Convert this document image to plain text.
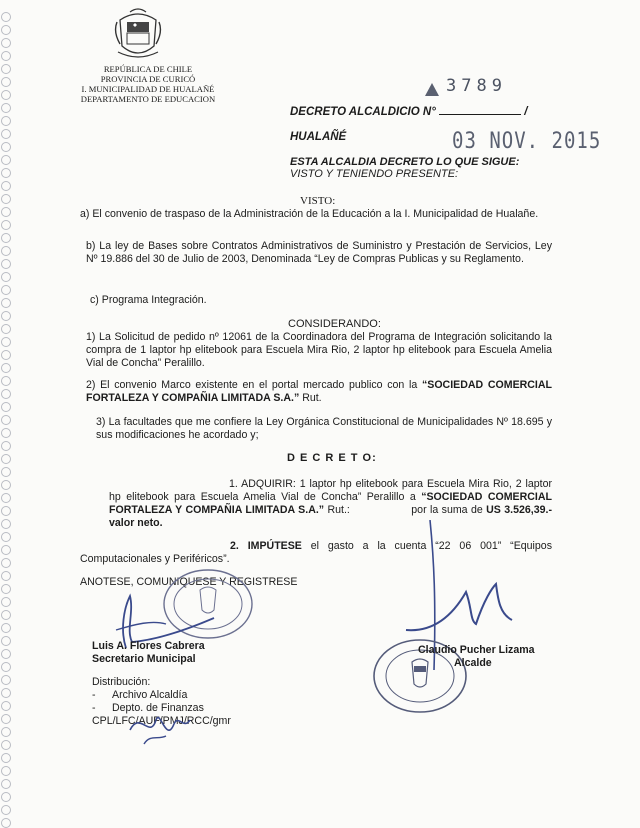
REPÚBLICA DE CHILE
PROVINCIA DE CURICÓ
I. MUNICIPALIDAD DE HUALAÑÉ
DEPARTAMENTO DE EDUCACION
3789
DECRETO ALCALDICIO N°	/
HUALAÑÉ	03 NOV. 2015
ESTA ALCALDIA DECRETO LO QUE SIGUE:
VISTO Y TENIENDO PRESENTE:
VISTO:
a) El convenio de traspaso de la Administración de la Educación a la I. Municipalidad de Hualañe.
b) La ley de Bases sobre Contratos Administrativos de Suministro y Prestación de Servicios, Ley Nº 19.886 del 30 de Julio de 2003, Denominada “Ley de Compras Publicas y su Reglamento.
c) Programa Integración.
CONSIDERANDO:
1) La Solicitud de pedido nº 12061 de la Coordinadora del Programa de Integración solicitando la compra de 1 laptor hp elitebook para Escuela Mira Rio, 2 laptor hp elitebook para Escuela Amelia Vial de Concha” Peralillo.
2) El convenio Marco existente en el portal mercado publico con la “SOCIEDAD COMERCIAL FORTALEZA Y COMPAÑIA LIMITADA S.A.” Rut.
3) La facultades que me confiere la Ley Orgánica Constitucional de Municipalidades Nº 18.695 y sus modificaciones he acordado y;
D E C R E T O:
1. ADQUIRIR: 1 laptor hp elitebook para Escuela Mira Rio, 2 laptor hp elitebook para Escuela Amelia Vial de Concha” Peralillo a “SOCIEDAD COMERCIAL FORTALEZA Y COMPAÑIA LIMITADA S.A.” Rut.:	por la suma de US 3.526,39.- valor neto.
2. IMPÚTESE el gasto a la cuenta “22 06 001” “Equipos Computacionales y Periféricos”.
ANOTESE, COMUNIQUESE Y REGISTRESE
Luis A. Flores Cabrera
Secretario Municipal
Claudio Pucher Lizama
Alcalde
Distribución:
- Archivo Alcaldía
- Depto. de Finanzas
CPL/LFC/AUF/PMJ/RCC/gmr
